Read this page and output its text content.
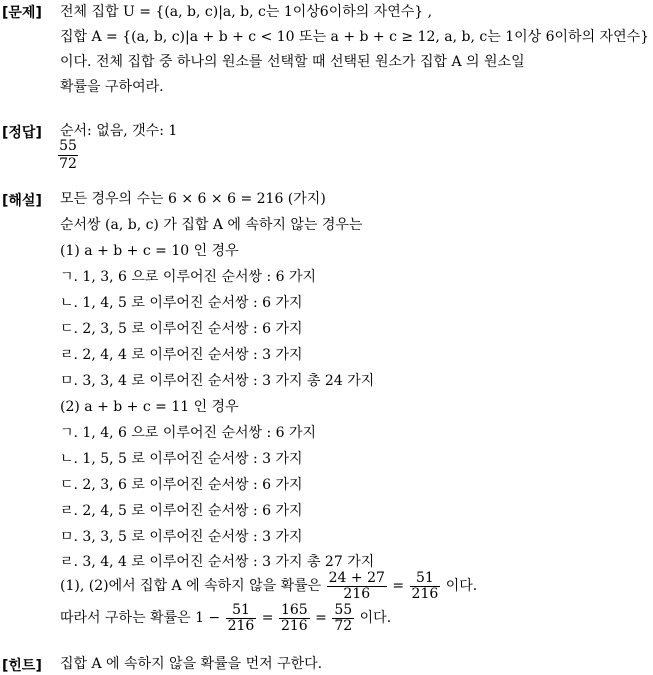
[문제] 전체 집합 U = {(a, b, c)|a, b, c는 1이상6이하의 자연수} ,
집합 A = {(a, b, c)|a + b + c < 10 또는 a + b + c ≥ 12, a, b, c는 1이상 6이하의 자연수}
이다. 전체 집합 중 하나의 원소를 선택할 때 선택된 원소가 집합 A 의 원소일
확률을 구하여라.
[정답] 순서: 없음, 갯수: 1
$\frac{55}{72}$
[해설] 모든 경우의 수는 6 × 6 × 6 = 216 (가지)
순서쌍 (a, b, c) 가 집합 A 에 속하지 않는 경우는
(1) a + b + c = 10 인 경우
ㄱ. 1, 3, 6 으로 이루어진 순서쌍 : 6 가지
ㄴ. 1, 4, 5 로 이루어진 순서쌍 : 6 가지
ㄷ. 2, 3, 5 로 이루어진 순서쌍 : 6 가지
ㄹ. 2, 4, 4 로 이루어진 순서쌍 : 3 가지
ㅁ. 3, 3, 4 로 이루어진 순서쌍 : 3 가지 총 24 가지
(2) a + b + c = 11 인 경우
ㄱ. 1, 4, 6 으로 이루어진 순서쌍 : 6 가지
ㄴ. 1, 5, 5 로 이루어진 순서쌍 : 3 가지
ㄷ. 2, 3, 6 로 이루어진 순서쌍 : 6 가지
ㄹ. 2, 4, 5 로 이루어진 순서쌍 : 6 가지
ㅁ. 3, 3, 5 로 이루어진 순서쌍 : 3 가지
ㄹ. 3, 4, 4 로 이루어진 순서쌍 : 3 가지 총 27 가지
(1), (2)에서 집합 A 에 속하지 않을 확률은 $\frac{24 + 27}{216} = \frac{51}{216}$ 이다.
따라서 구하는 확률은 $1 - \frac{51}{216} = \frac{165}{216} = \frac{55}{72}$ 이다.
[힌트] 집합 A 에 속하지 않을 확률을 먼저 구한다.
